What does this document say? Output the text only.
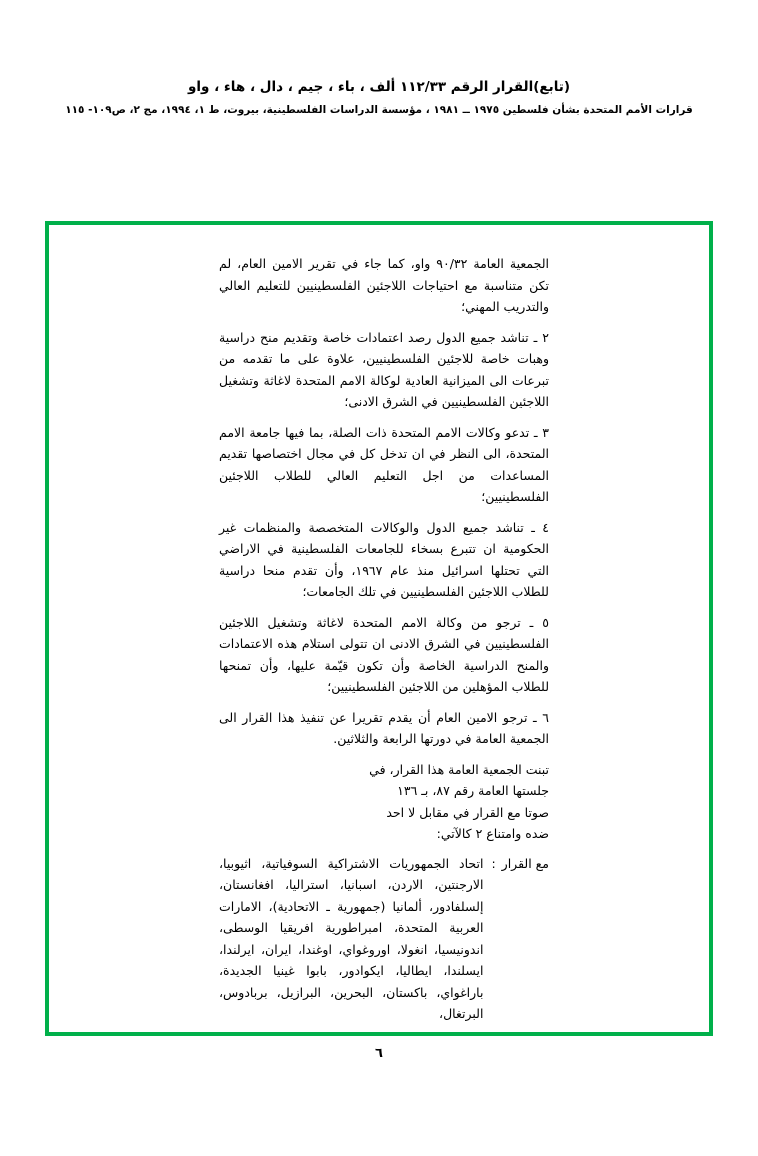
(تابع)القرار الرقم ١١٢/٣٣ ألف ، باء ، جيم ، دال ، هاء ، واو
قرارات الأمم المتحدة بشأن فلسطين ١٩٧٥ ــ ١٩٨١ ، مؤسسة الدراسات الفلسطينية، بيروت، ط ١، ١٩٩٤، مج ٢، ص١٠٩- ١١٥

الجمعية العامة ٩٠/٣٢ واو، كما جاء في تقرير الامين العام، لم تكن متناسبة مع احتياجات اللاجئين الفلسطينيين للتعليم العالي والتدريب المهني؛

٢ ـ تناشد جميع الدول رصد اعتمادات خاصة وتقديم منح دراسية وهبات خاصة للاجئين الفلسطينيين، علاوة على ما تقدمه من تبرعات الى الميزانية العادية لوكالة الامم المتحدة لاغاثة وتشغيل اللاجئين الفلسطينيين في الشرق الادنى؛

٣ ـ تدعو وكالات الامم المتحدة ذات الصلة، بما فيها جامعة الامم المتحدة، الى النظر في ان تدخل كل في مجال اختصاصها تقديم المساعدات من اجل التعليم العالي للطلاب اللاجئين الفلسطينيين؛

٤ ـ تناشد جميع الدول والوكالات المتخصصة والمنظمات غير الحكومية ان تتبرع بسخاء للجامعات الفلسطينية في الاراضي التي تحتلها اسرائيل منذ عام ١٩٦٧، وأن تقدم منحا دراسية للطلاب اللاجئين الفلسطينيين في تلك الجامعات؛

٥ ـ ترجو من وكالة الامم المتحدة لاغاثة وتشغيل اللاجئين الفلسطينيين في الشرق الادنى ان تتولى استلام هذه الاعتمادات والمنح الدراسية الخاصة وأن تكون قيّمة عليها، وأن تمنحها للطلاب المؤهلين من اللاجئين الفلسطينيين؛

٦ ـ ترجو الامين العام أن يقدم تقريرا عن تنفيذ هذا القرار الى الجمعية العامة في دورتها الرابعة والثلاثين.

تبنت الجمعية العامة هذا القرار، في

جلستها العامة رقم ٨٧، بـ ١٣٦

صوتا مع القرار في مقابل لا احد

ضده وامتناع ٢ كالآتي:

مع القرار
:
اتحاد الجمهوريات الاشتراكية السوفياتية، اثيوبيا، الارجنتين، الاردن، اسبانيا، استراليا، افغانستان، إلسلفادور، ألمانيا (جمهورية ـ الاتحادية)، الامارات العربية المتحدة، امبراطورية افريقيا الوسطى، اندونيسيا، انغولا، اوروغواي، اوغندا، ايران، ايرلندا، ايسلندا، ايطاليا، ايكوادور، بابوا غينيا الجديدة، باراغواي، باكستان، البحرين، البرازيل، بربادوس، البرتغال،
٦
